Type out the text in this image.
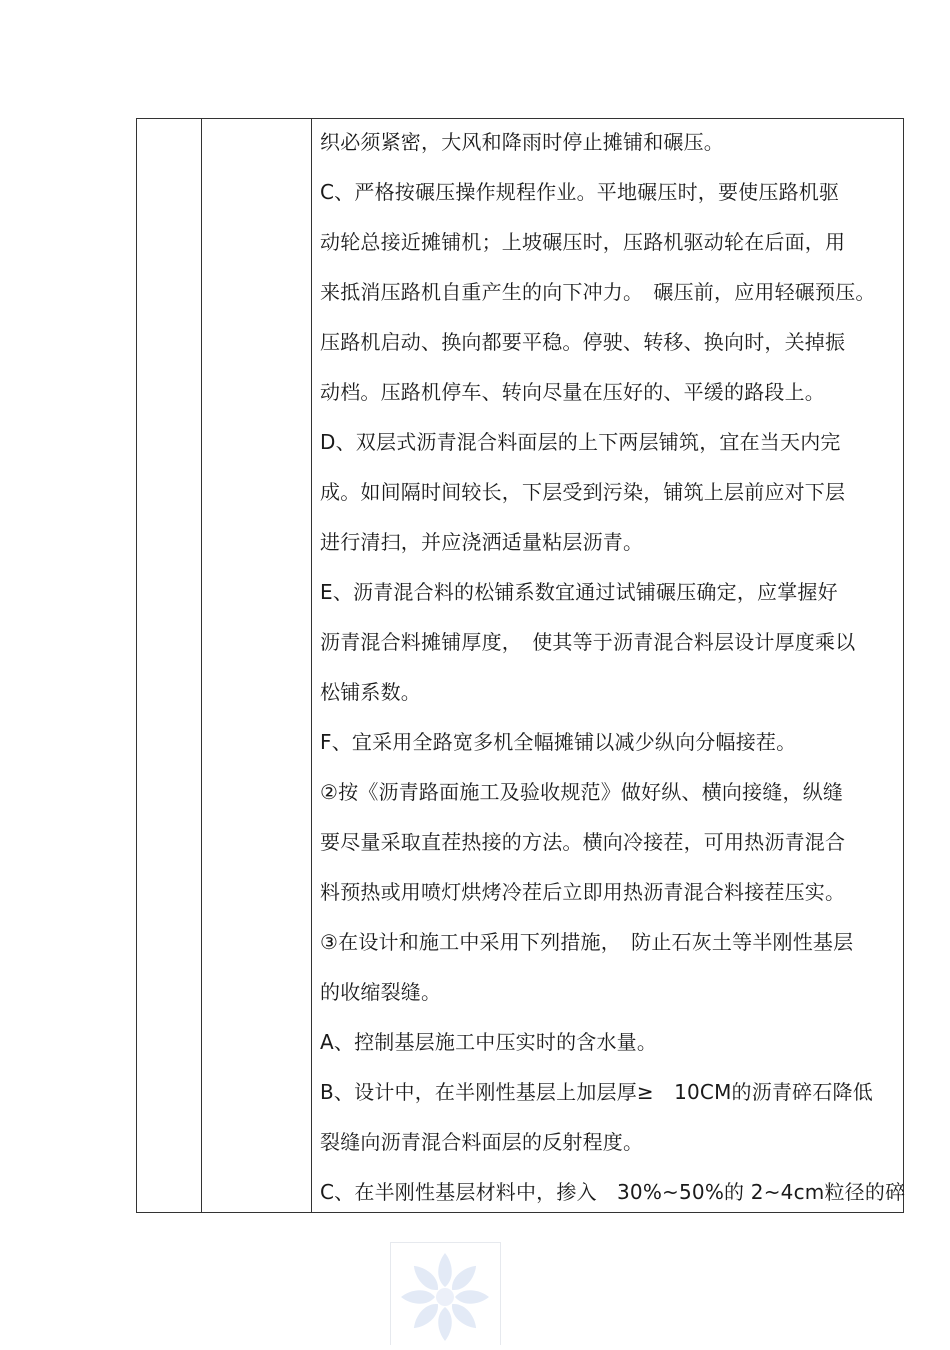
织必须紧密，大风和降雨时停止摊铺和碾压。
C、严格按碾压操作规程作业。平地碾压时，要使压路机驱
动轮总接近摊铺机；上坡碾压时，压路机驱动轮在后面，用
来抵消压路机自重产生的向下冲力。　碾压前，应用轻碾预压。
压路机启动、换向都要平稳。停驶、转移、换向时，关掉振
动档。压路机停车、转向尽量在压好的、平缓的路段上。
D、双层式沥青混合料面层的上下两层铺筑，宜在当天内完
成。如间隔时间较长，下层受到污染，铺筑上层前应对下层
进行清扫，并应浇洒适量粘层沥青。
E、沥青混合料的松铺系数宜通过试铺碾压确定，应掌握好
沥青混合料摊铺厚度，　使其等于沥青混合料层设计厚度乘以
松铺系数。
F、宜采用全路宽多机全幅摊铺以减少纵向分幅接茬。
②按《沥青路面施工及验收规范》做好纵、横向接缝，纵缝
要尽量采取直茬热接的方法。横向冷接茬，可用热沥青混合
料预热或用喷灯烘烤冷茬后立即用热沥青混合料接茬压实。
③在设计和施工中采用下列措施，　防止石灰土等半刚性基层
的收缩裂缝。
A、控制基层施工中压实时的含水量。
B、设计中，在半刚性基层上加层厚≥　10CM的沥青碎石降低
裂缝向沥青混合料面层的反射程度。
C、在半刚性基层材料中，掺入　30%~50%的 2~4cm粒径的碎
